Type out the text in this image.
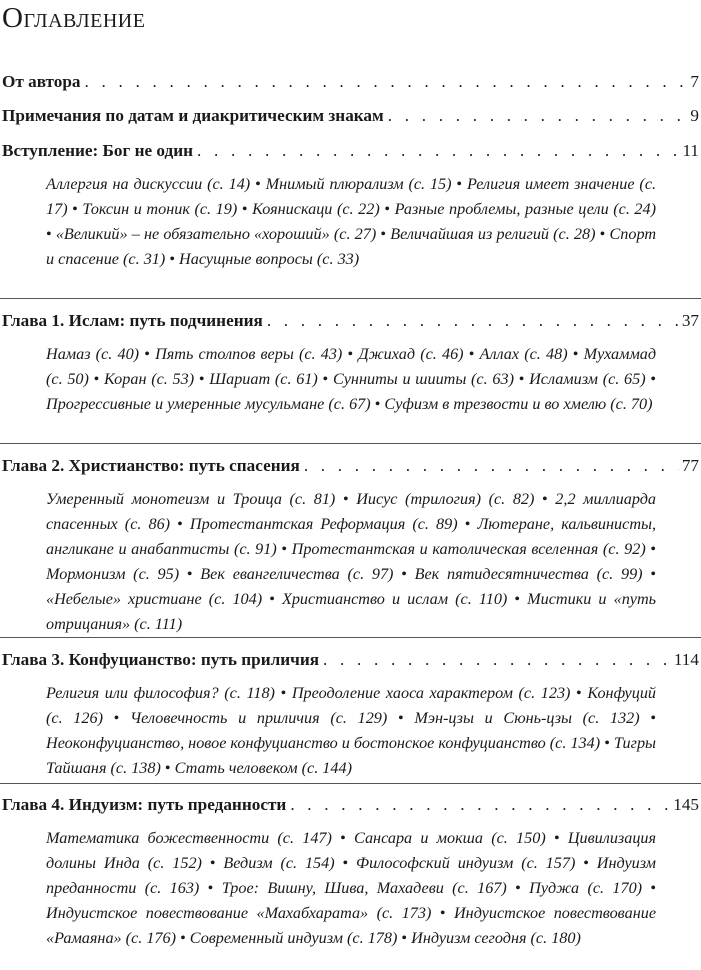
Оглавление
От автора . . .	7
Примечания по датам и диакритическим знакам . . .	9
Вступление: Бог не один . . .	11
Аллергия на дискуссии (с. 14) • Мнимый плюрализм (с. 15) • Религия имеет значение (с. 17) • Токсин и тоник (с. 19) • Коянискаци (с. 22) • Разные проблемы, разные цели (с. 24) • «Великий» – не обязательно «хороший» (с. 27) • Величайшая из религий (с. 28) • Спорт и спасение (с. 31) • Насущные вопросы (с. 33)
Глава 1. Ислам: путь подчинения . . .	37
Намаз (с. 40) • Пять столпов веры (с. 43) • Джихад (с. 46) • Аллах (с. 48) • Мухаммад (с. 50) • Коран (с. 53) • Шариат (с. 61) • Сунниты и шииты (с. 63) • Исламизм (с. 65) • Прогрессивные и умеренные мусульмане (с. 67) • Суфизм в трезвости и во хмелю (с. 70)
Глава 2. Христианство: путь спасения . . .	77
Умеренный монотеизм и Троица (с. 81) • Иисус (трилогия) (с. 82) • 2,2 миллиарда спасенных (с. 86) • Протестантская Реформация (с. 89) • Лютеране, кальвинисты, англикане и анабаптисты (с. 91) • Протестантская и католическая вселенная (с. 92) • Мормонизм (с. 95) • Век евангеличества (с. 97) • Век пятидесятничества (с. 99) • «Небелые» христиане (с. 104) • Христианство и ислам (с. 110) • Мистики и «путь отрицания» (с. 111)
Глава 3. Конфуцианство: путь приличия . . .	114
Религия или философия? (с. 118) • Преодоление хаоса характером (с. 123) • Конфуций (с. 126) • Человечность и приличия (с. 129) • Мэн-цзы и Сюнь-цзы (с. 132) • Неоконфуцианство, новое конфуцианство и бостонское конфуцианство (с. 134) • Тигры Тайшаня (с. 138) • Стать человеком (с. 144)
Глава 4. Индуизм: путь преданности . . .	145
Математика божественности (с. 147) • Сансара и мокша (с. 150) • Цивилизация долины Инда (с. 152) • Ведизм (с. 154) • Философский индуизм (с. 157) • Индуизм преданности (с. 163) • Трое: Вишну, Шива, Махадеви (с. 167) • Пуджа (с. 170) • Индуистское повествование «Махабхарата» (с. 173) • Индуистское повествование «Рамаяна» (с. 176) • Современный индуизм (с. 178) • Индуизм сегодня (с. 180)
